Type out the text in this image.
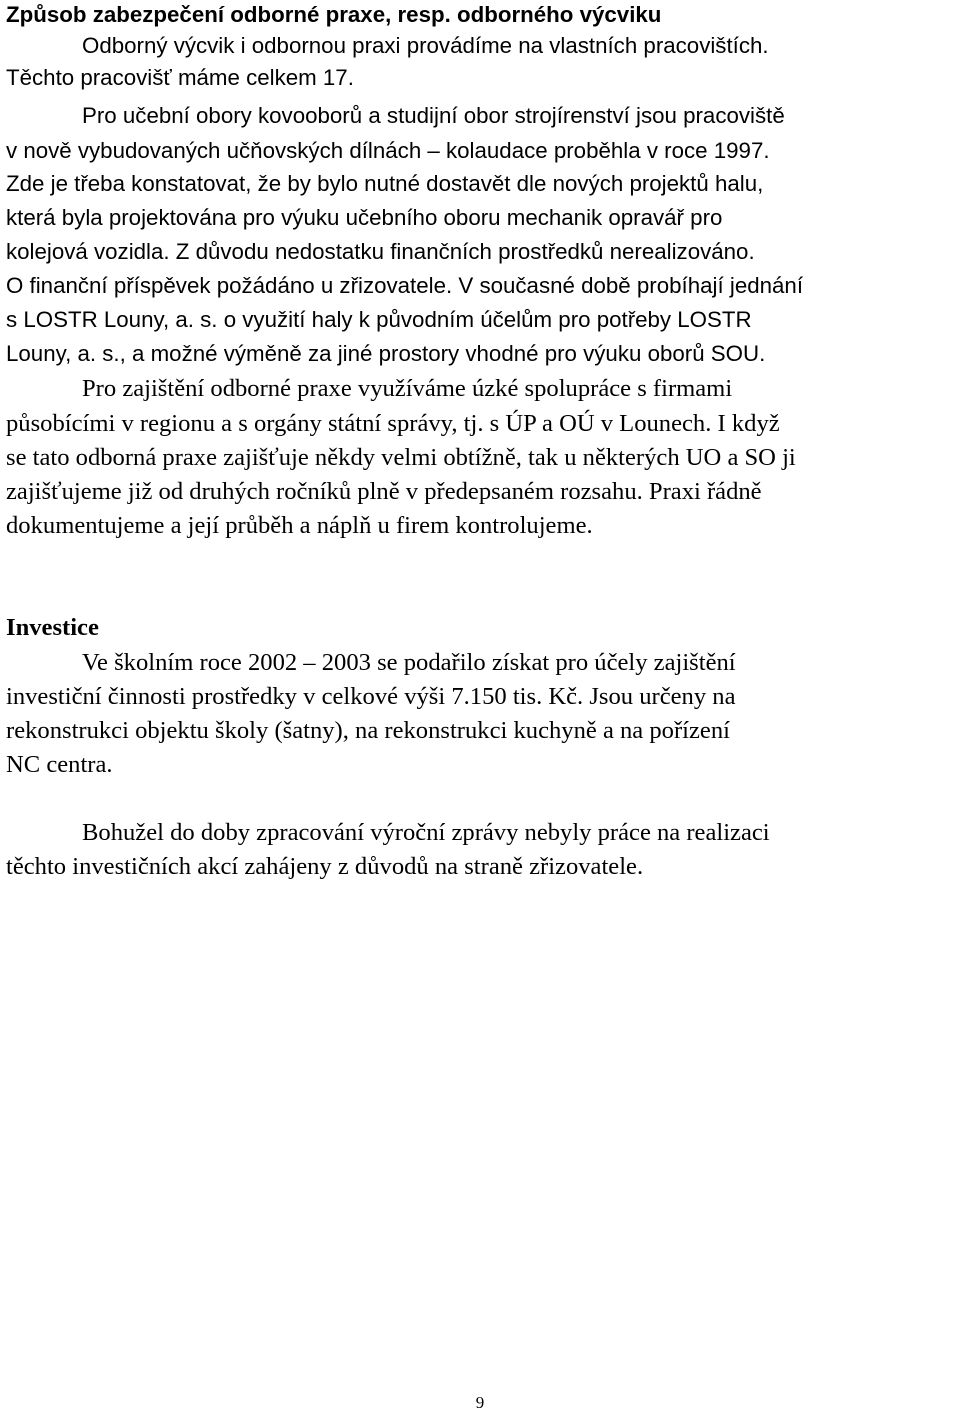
Způsob zabezpečení odborné praxe, resp. odborného výcviku
Odborný výcvik i odbornou praxi provádíme na vlastních pracovištích.
Těchto pracovišť máme celkem 17.
Pro učební obory kovooborů a studijní obor strojírenství jsou pracoviště
v nově vybudovaných učňovských dílnách – kolaudace proběhla v roce 1997.
Zde je třeba konstatovat, že by bylo nutné dostavět dle nových projektů halu,
která byla projektována pro výuku učebního oboru mechanik opravář pro
kolejová vozidla. Z důvodu nedostatku finančních prostředků nerealizováno.
O finanční příspěvek požádáno u zřizovatele. V současné době probíhají jednání
s LOSTR Louny, a. s. o využití haly k původním účelům pro potřeby LOSTR
Louny, a. s., a možné výměně za jiné prostory vhodné pro výuku oborů SOU.
Pro zajištění odborné praxe využíváme úzké spolupráce s firmami
působícími v regionu a s orgány státní správy, tj. s ÚP a OÚ v Lounech. I když
se tato odborná praxe zajišťuje někdy velmi obtížně, tak u některých UO a SO ji
zajišťujeme již od druhých ročníků plně v předepsaném rozsahu. Praxi řádně
dokumentujeme a její průběh a náplň u firem kontrolujeme.
Investice
Ve školním roce 2002 – 2003 se podařilo získat pro účely zajištění
investiční činnosti prostředky v celkové výši 7.150 tis. Kč. Jsou určeny na
rekonstrukci objektu školy (šatny), na rekonstrukci kuchyně a na pořízení
NC centra.
Bohužel do doby zpracování výroční zprávy nebyly práce na realizaci
těchto investičních akcí zahájeny z důvodů na straně zřizovatele.
9
